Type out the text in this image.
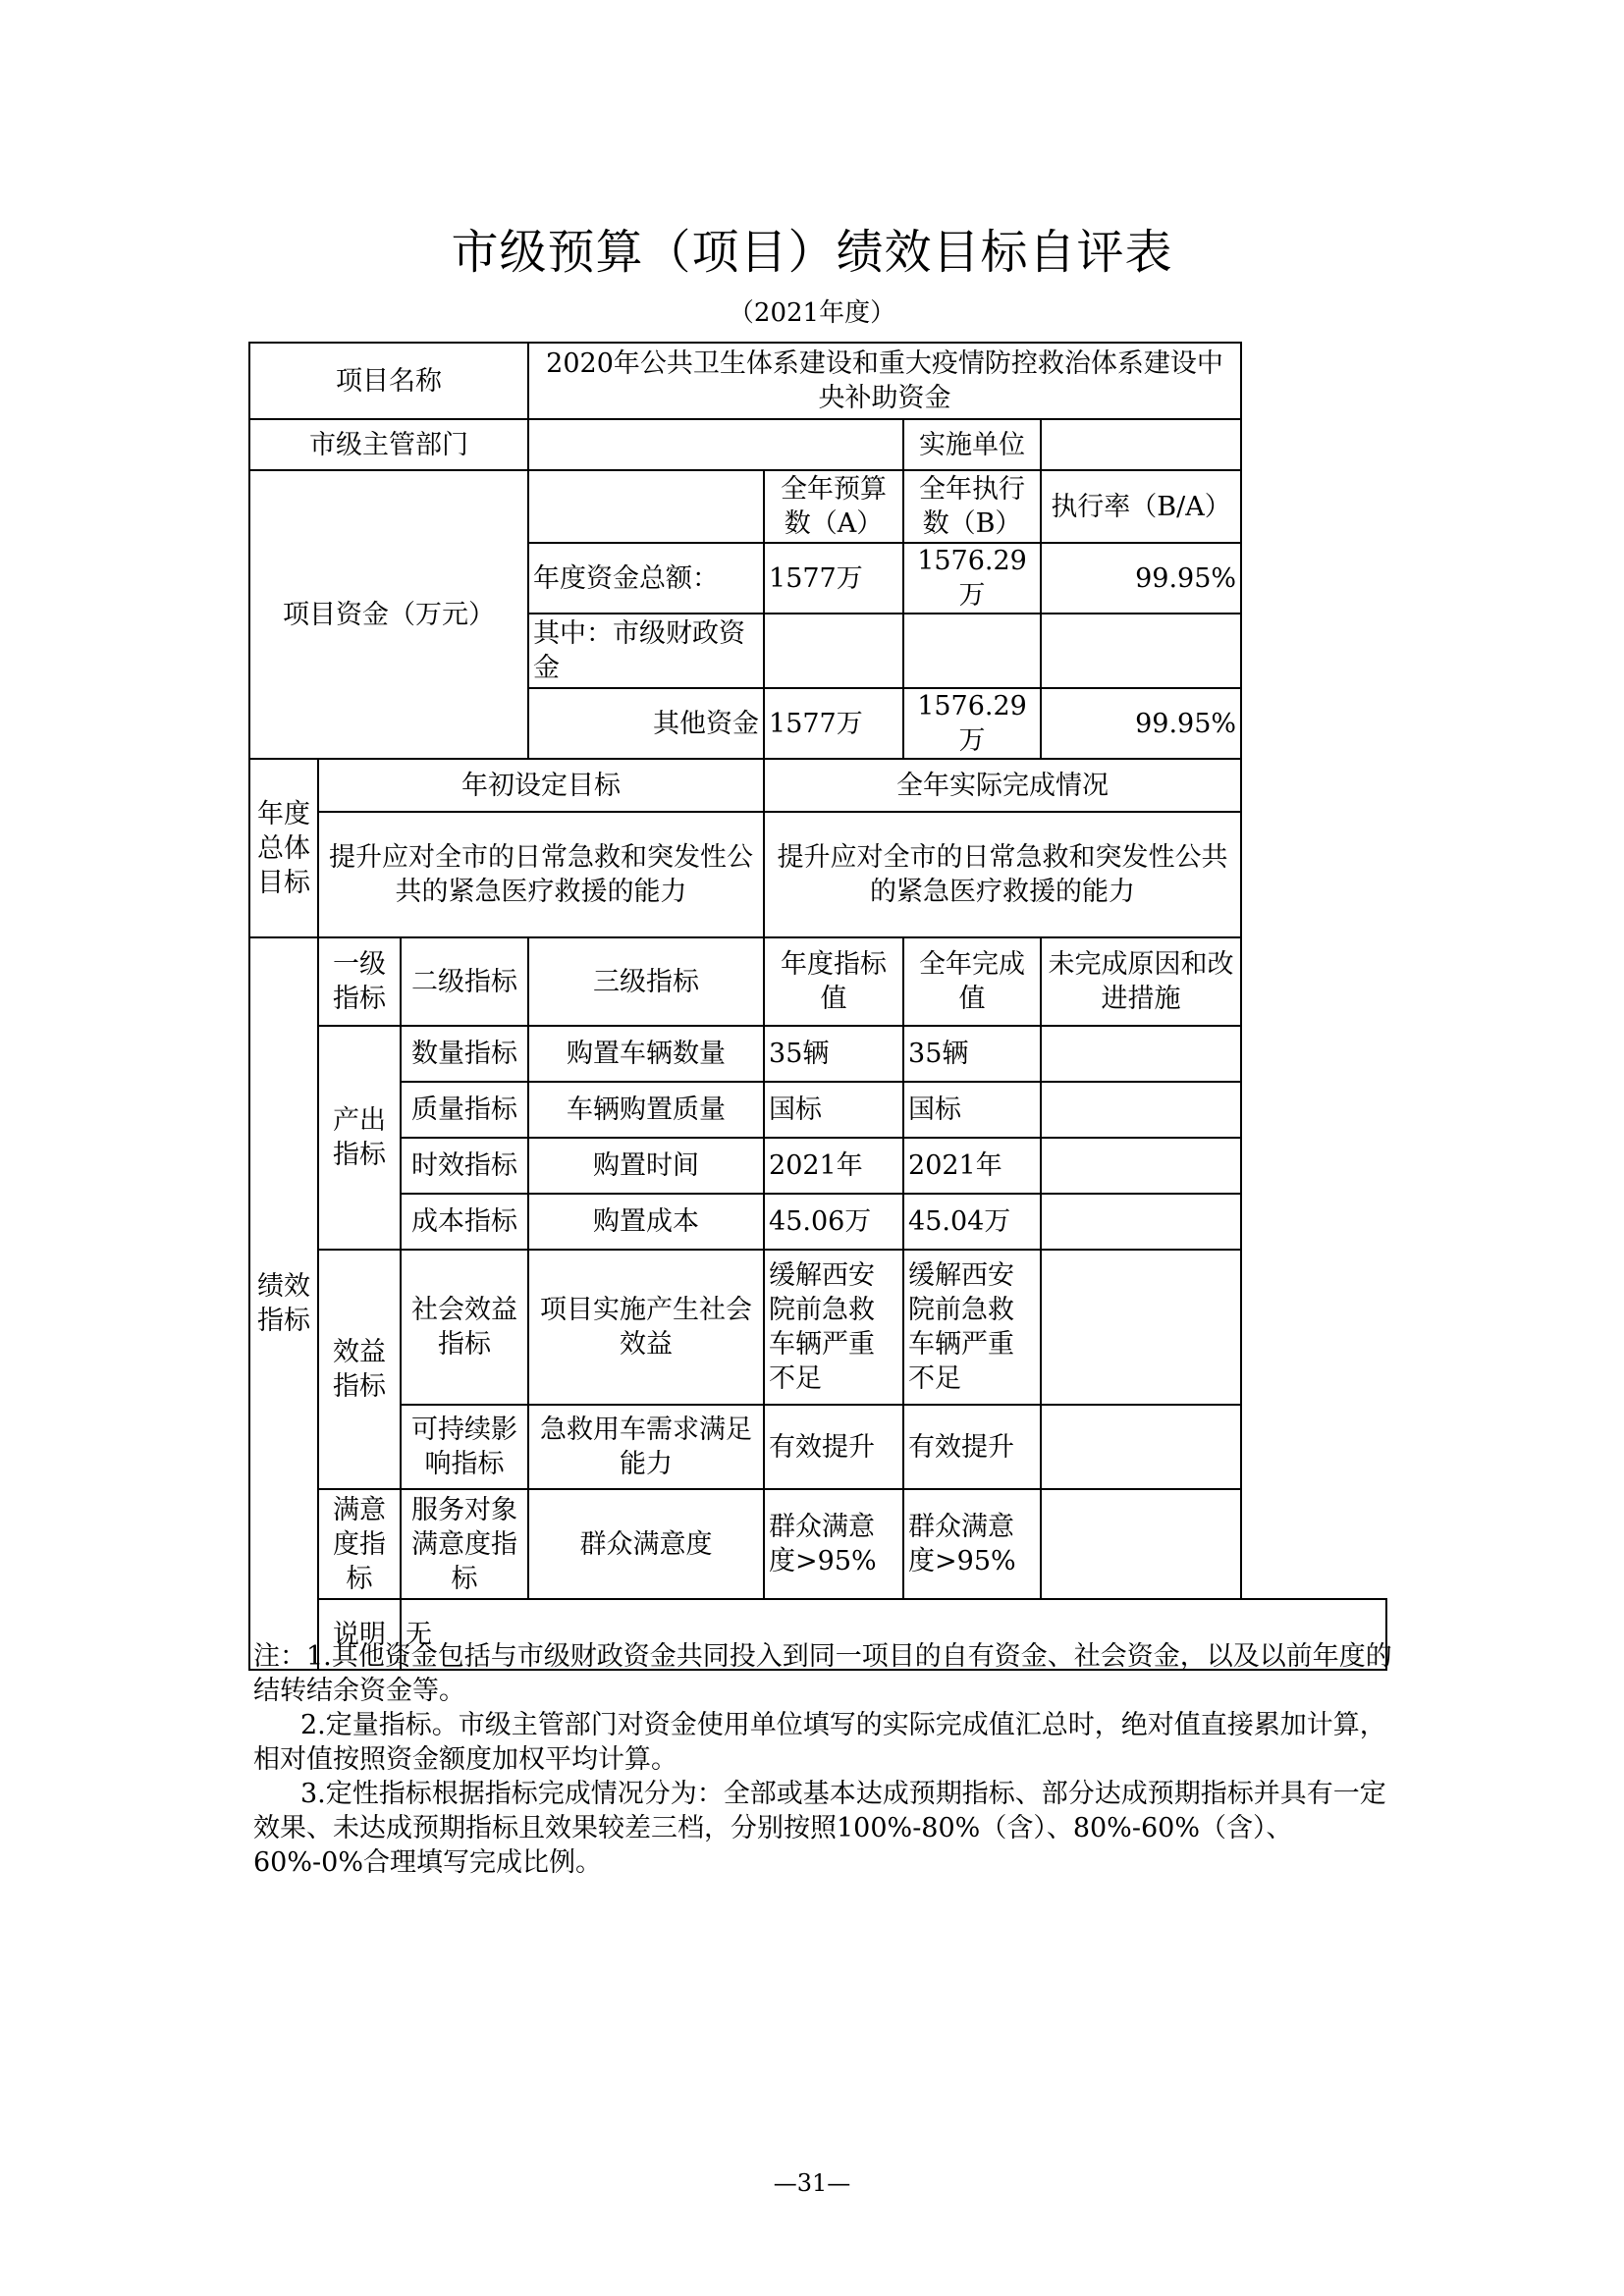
市级预算（项目）绩效目标自评表
（2021年度）
项目名称			2020年公共卫生体系建设和重大疫情防控救治体系建设中央补助资金			
市级主管部门					实施单位	
项目资金（万元）				全年预算数（A）	全年执行数（B）	执行率（B/A）
			年度资金总额：	1577万	1576.29万	99.95%
			其中：市级财政资金			
			其他资金	1577万	1576.29万	99.95%
年度总体目标	年初设定目标			全年实际完成情况		
	提升应对全市的日常急救和突发性公共的紧急医疗救援的能力			提升应对全市的日常急救和突发性公共的紧急医疗救援的能力		
绩效指标	一级指标	二级指标	三级指标	年度指标值	全年完成值	未完成原因和改进措施
	产出指标	数量指标	购置车辆数量	35辆	35辆	
		质量指标	车辆购置质量	国标	国标	
		时效指标	购置时间	2021年	2021年	
		成本指标	购置成本	45.06万	45.04万	
	效益指标	社会效益指标	项目实施产生社会效益	缓解西安院前急救车辆严重不足	缓解西安院前急救车辆严重不足	
		可持续影响指标	急救用车需求满足能力	有效提升	有效提升	
	满意度指标	服务对象满意度指标	群众满意度	群众满意度>95%	群众满意度>95%	
	说明	无				

注：1.其他资金包括与市级财政资金共同投入到同一项目的自有资金、社会资金，以及以前年度的结转结余资金等。

2.定量指标。市级主管部门对资金使用单位填写的实际完成值汇总时，绝对值直接累加计算，相对值按照资金额度加权平均计算。

3.定性指标根据指标完成情况分为：全部或基本达成预期指标、部分达成预期指标并具有一定效果、未达成预期指标且效果较差三档，分别按照100%-80%（含）、80%-60%（含）、60%-0%合理填写完成比例。

—31—
